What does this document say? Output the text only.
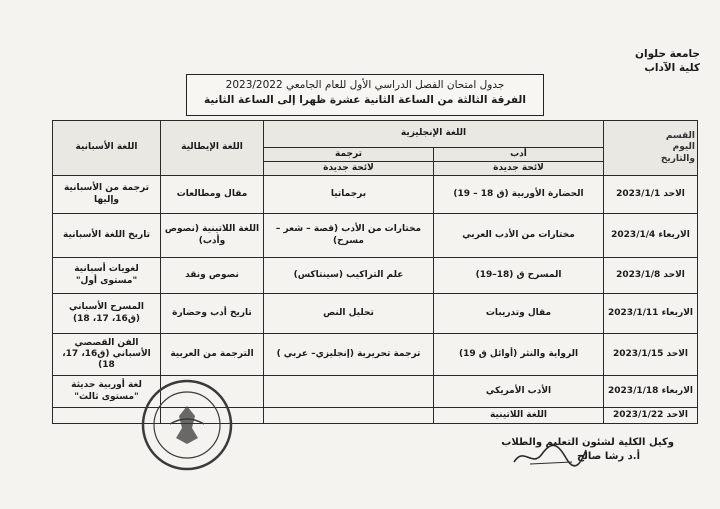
جامعة حلوان
كلية الآداب
جدول امتحان الفصل الدراسي الأول للعام الجامعي 2023/2022
الفرقة الثالثة من الساعة الثانية عشرة ظهرا إلى الساعة الثانية
القسم
اليوم
والتاريخ	اللغة الإنجليزية		اللغة الإيطالية	اللغة الأسبانية
	أدب	ترجمة		
	لائحة جديدة	لائحة جديدة		
الاحد 2023/1/1	الحضارة الأوربية (ق 18 – 19)	برجماتيا	مقال ومطالعات	ترجمة من الأسبانية وإليها
الاربعاء 2023/1/4	مختارات من الأدب العربي	مختارات من الأدب (قصة – شعر – مسرح)	اللغة اللاتينية (نصوص وأدب)	تاريخ اللغة الأسبانية
الاحد 2023/1/8	المسرح ق (18–19)	علم التراكيب (سينتاكس)	نصوص ونقد	لغويات أسبانية "مستوى أول"
الاربعاء 2023/1/11	مقال وتدريبات	تحليل النص	تاريخ أدب وحضارة	المسرح الأسباني (ق16، 17، 18)
الاحد 2023/1/15	الرواية والنثر (أوائل ق 19)	ترجمة تحريرية (إنجليزي– عربي )	الترجمة من العربية	الفن القصصي الأسباني (ق16، 17، 18)
الاربعاء 2023/1/18	الأدب الأمريكي			لغة أوربية حديثة "مستوى ثالث"
الاحد 2023/1/22	اللغة اللاتينية			
وكيل الكلية لشئون التعليم والطلاب
أ.د رشا صالح
